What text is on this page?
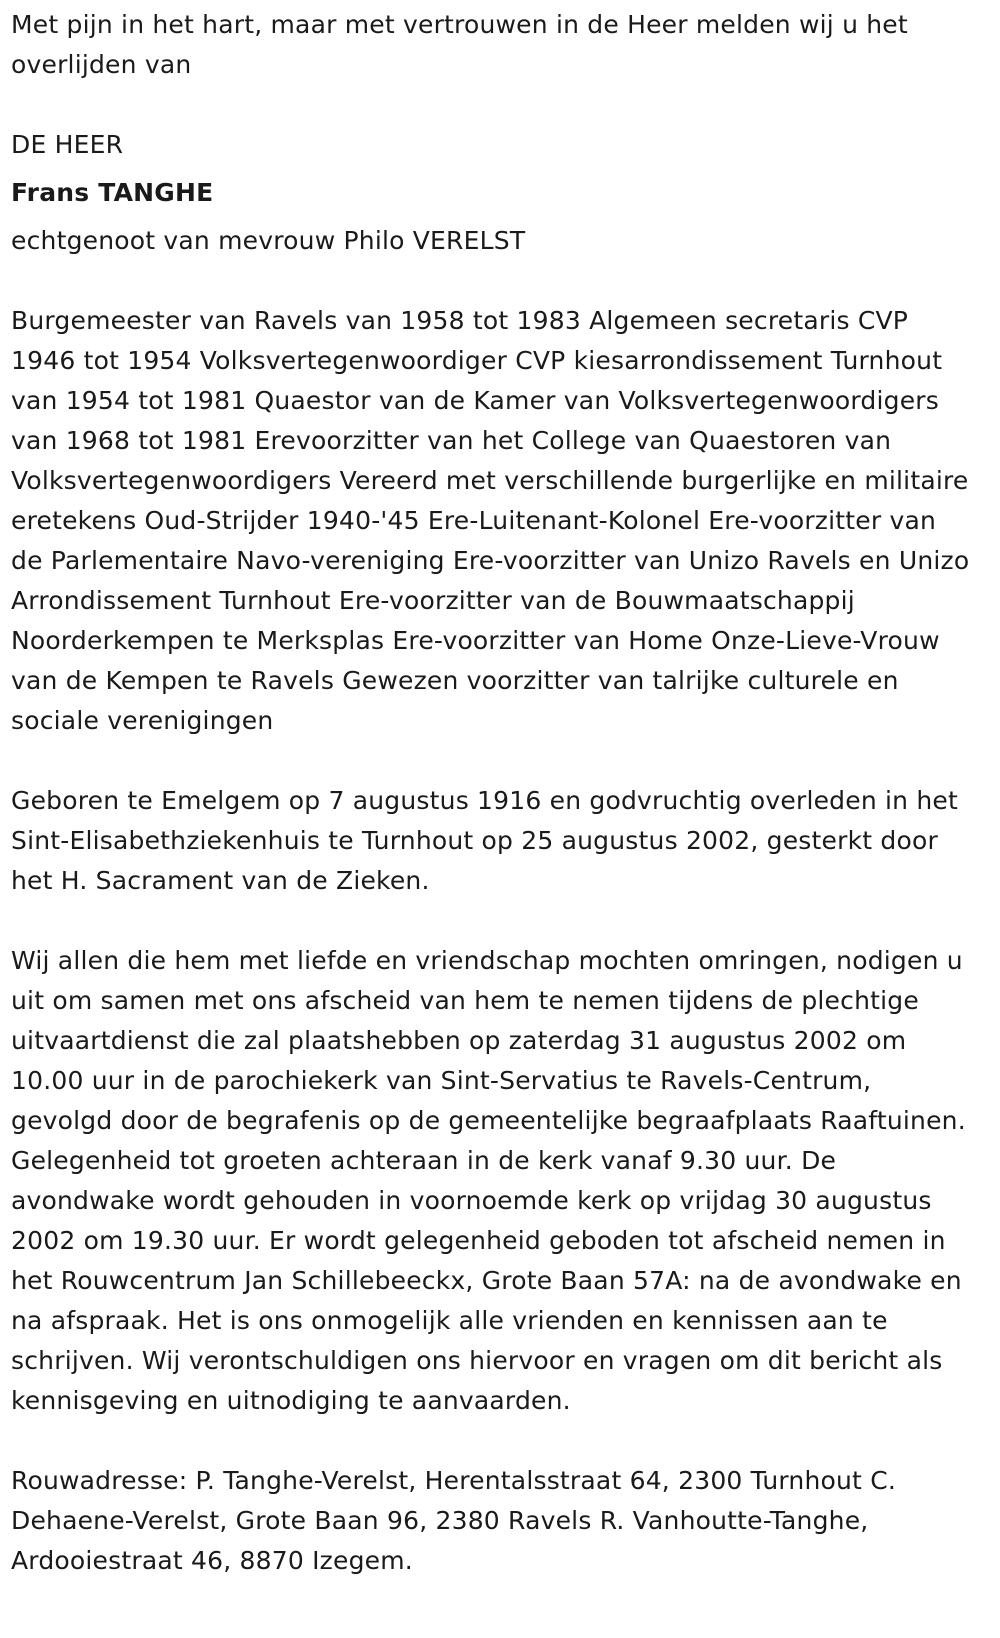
Met pijn in het hart, maar met vertrouwen in de Heer melden wij u het overlijden van

DE HEER
Frans TANGHE
echtgenoot van mevrouw Philo VERELST

Burgemeester van Ravels van 1958 tot 1983 Algemeen secretaris CVP 1946 tot 1954 Volksvertegenwoordiger CVP kiesarrondissement Turnhout van 1954 tot 1981 Quaestor van de Kamer van Volksvertegenwoordigers van 1968 tot 1981 Erevoorzitter van het College van Quaestoren van Volksvertegenwoordigers Vereerd met verschillende burgerlijke en militaire eretekens Oud-Strijder 1940-'45 Ere-Luitenant-Kolonel Ere-voorzitter van de Parlementaire Navo-vereniging Ere-voorzitter van Unizo Ravels en Unizo Arrondissement Turnhout Ere-voorzitter van de Bouwmaatschappij Noorderkempen te Merksplas Ere-voorzitter van Home Onze-Lieve-Vrouw van de Kempen te Ravels Gewezen voorzitter van talrijke culturele en sociale verenigingen

Geboren te Emelgem op 7 augustus 1916 en godvruchtig overleden in het Sint-Elisabethziekenhuis te Turnhout op 25 augustus 2002, gesterkt door het H. Sacrament van de Zieken.

Wij allen die hem met liefde en vriendschap mochten omringen, nodigen u uit om samen met ons afscheid van hem te nemen tijdens de plechtige uitvaartdienst die zal plaatshebben op zaterdag 31 augustus 2002 om 10.00 uur in de parochiekerk van Sint-Servatius te Ravels-Centrum, gevolgd door de begrafenis op de gemeentelijke begraafplaats Raaftuinen. Gelegenheid tot groeten achteraan in de kerk vanaf 9.30 uur. De avondwake wordt gehouden in voornoemde kerk op vrijdag 30 augustus 2002 om 19.30 uur. Er wordt gelegenheid geboden tot afscheid nemen in het Rouwcentrum Jan Schillebeeckx, Grote Baan 57A: na de avondwake en na afspraak. Het is ons onmogelijk alle vrienden en kennissen aan te schrijven. Wij verontschuldigen ons hiervoor en vragen om dit bericht als kennisgeving en uitnodiging te aanvaarden.

Rouwadresse: P. Tanghe-Verelst, Herentalsstraat 64, 2300 Turnhout C. Dehaene-Verelst, Grote Baan 96, 2380 Ravels R. Vanhoutte-Tanghe, Ardooiestraat 46, 8870 Izegem.
